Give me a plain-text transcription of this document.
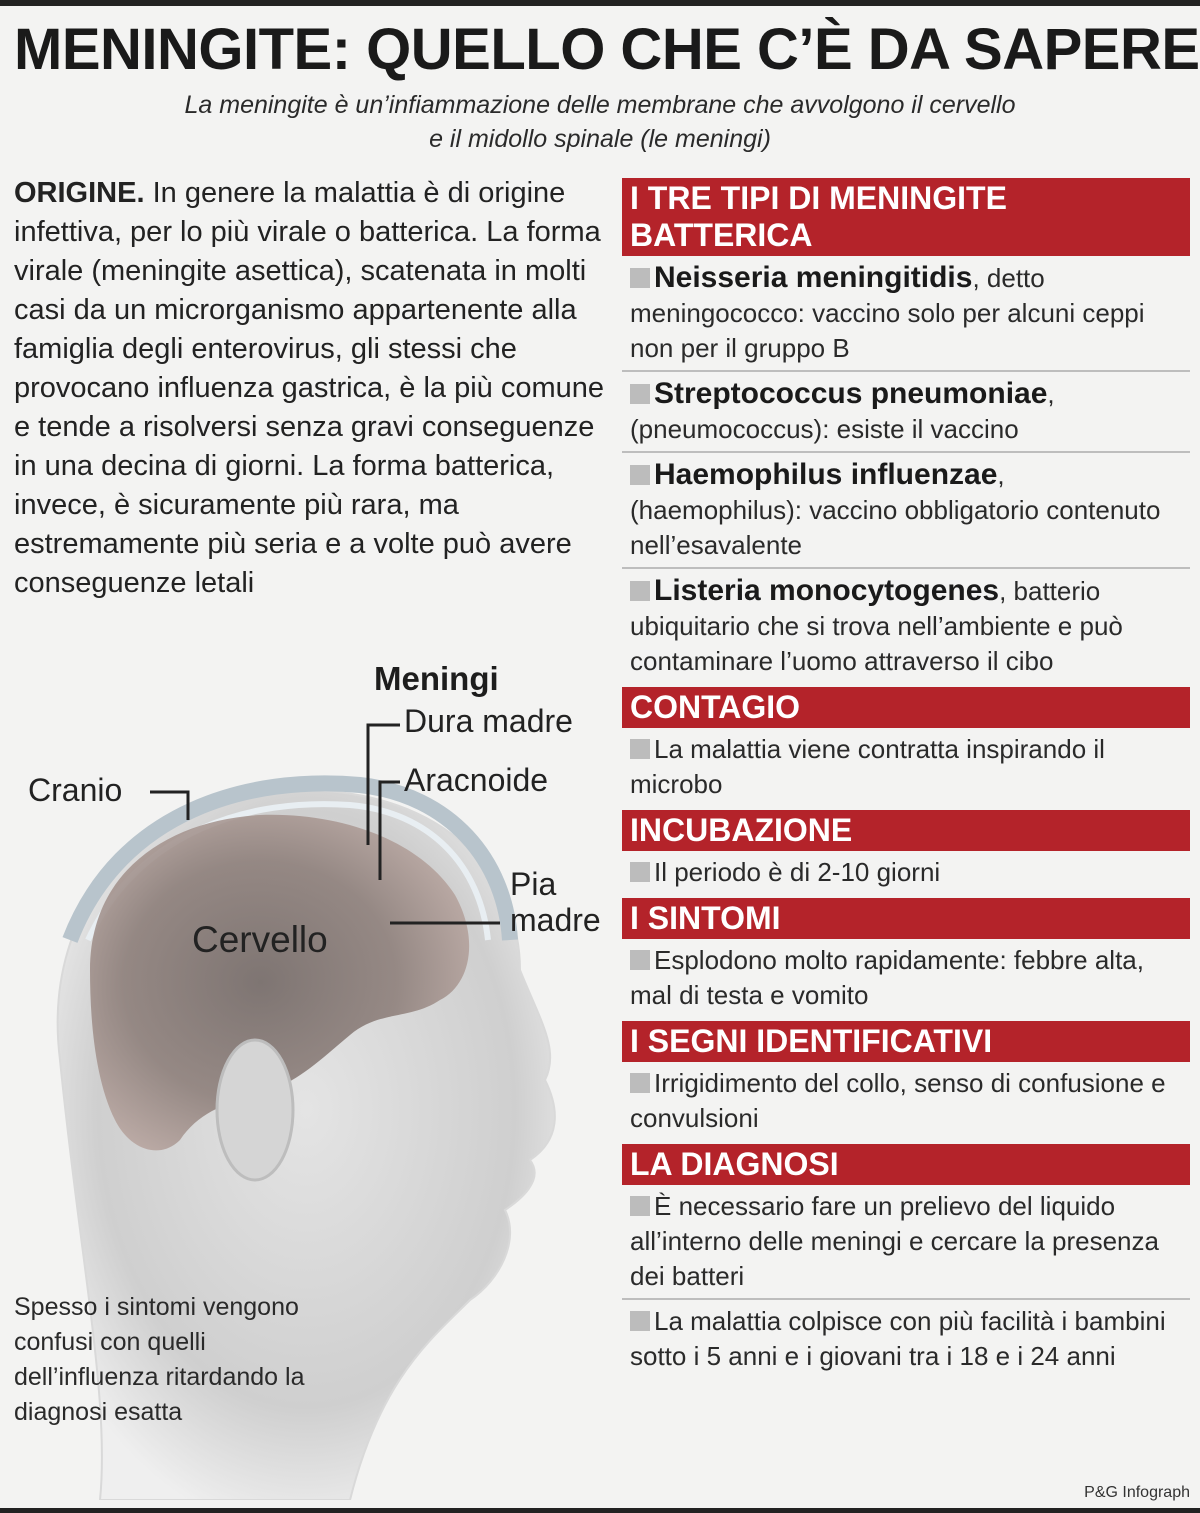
MENINGITE: QUELLO CHE C’È DA SAPERE
La meningite è un’infiammazione delle membrane che avvolgono il cervello
e il midollo spinale (le meningi)
ORIGINE. In genere la malattia è di origine infettiva, per lo più virale o batterica. La forma virale (meningite asettica), scatenata in molti casi da un microrganismo appartenente alla famiglia degli enterovirus, gli stessi che provocano influenza gastrica, è la più comune e tende a risolversi senza gravi conseguenze in una decina di giorni. La forma batterica, invece, è sicuramente più rara, ma estremamente più seria e a volte può avere conseguenze letali
Meningi
Dura madre
Aracnoide
Cranio
Pia
madre
Cervello
Spesso i sintomi vengono confusi con quelli dell’influenza ritardando la diagnosi esatta
I TRE TIPI DI MENINGITE BATTERICA
Neisseria meningitidis, detto meningococco: vaccino solo per alcuni ceppi non per il gruppo B
Streptococcus pneumoniae, (pneumococcus): esiste il vaccino
Haemophilus influenzae, (haemophilus): vaccino obbligatorio contenuto nell’esavalente
Listeria monocytogenes, batterio ubiquitario che si trova nell’ambiente e può contaminare l’uomo attraverso il cibo
CONTAGIO
La malattia viene contratta inspirando il microbo
INCUBAZIONE
Il periodo è di 2-10 giorni
I SINTOMI
Esplodono molto rapidamente: febbre alta, mal di testa e vomito
I SEGNI IDENTIFICATIVI
Irrigidimento del collo, senso di confusione e convulsioni
LA DIAGNOSI
È necessario fare un prelievo del liquido all’interno delle meningi e cercare la presenza dei batteri
La malattia colpisce con più facilità i bambini sotto i 5 anni e i giovani tra i 18 e i 24 anni
P&G Infograph
